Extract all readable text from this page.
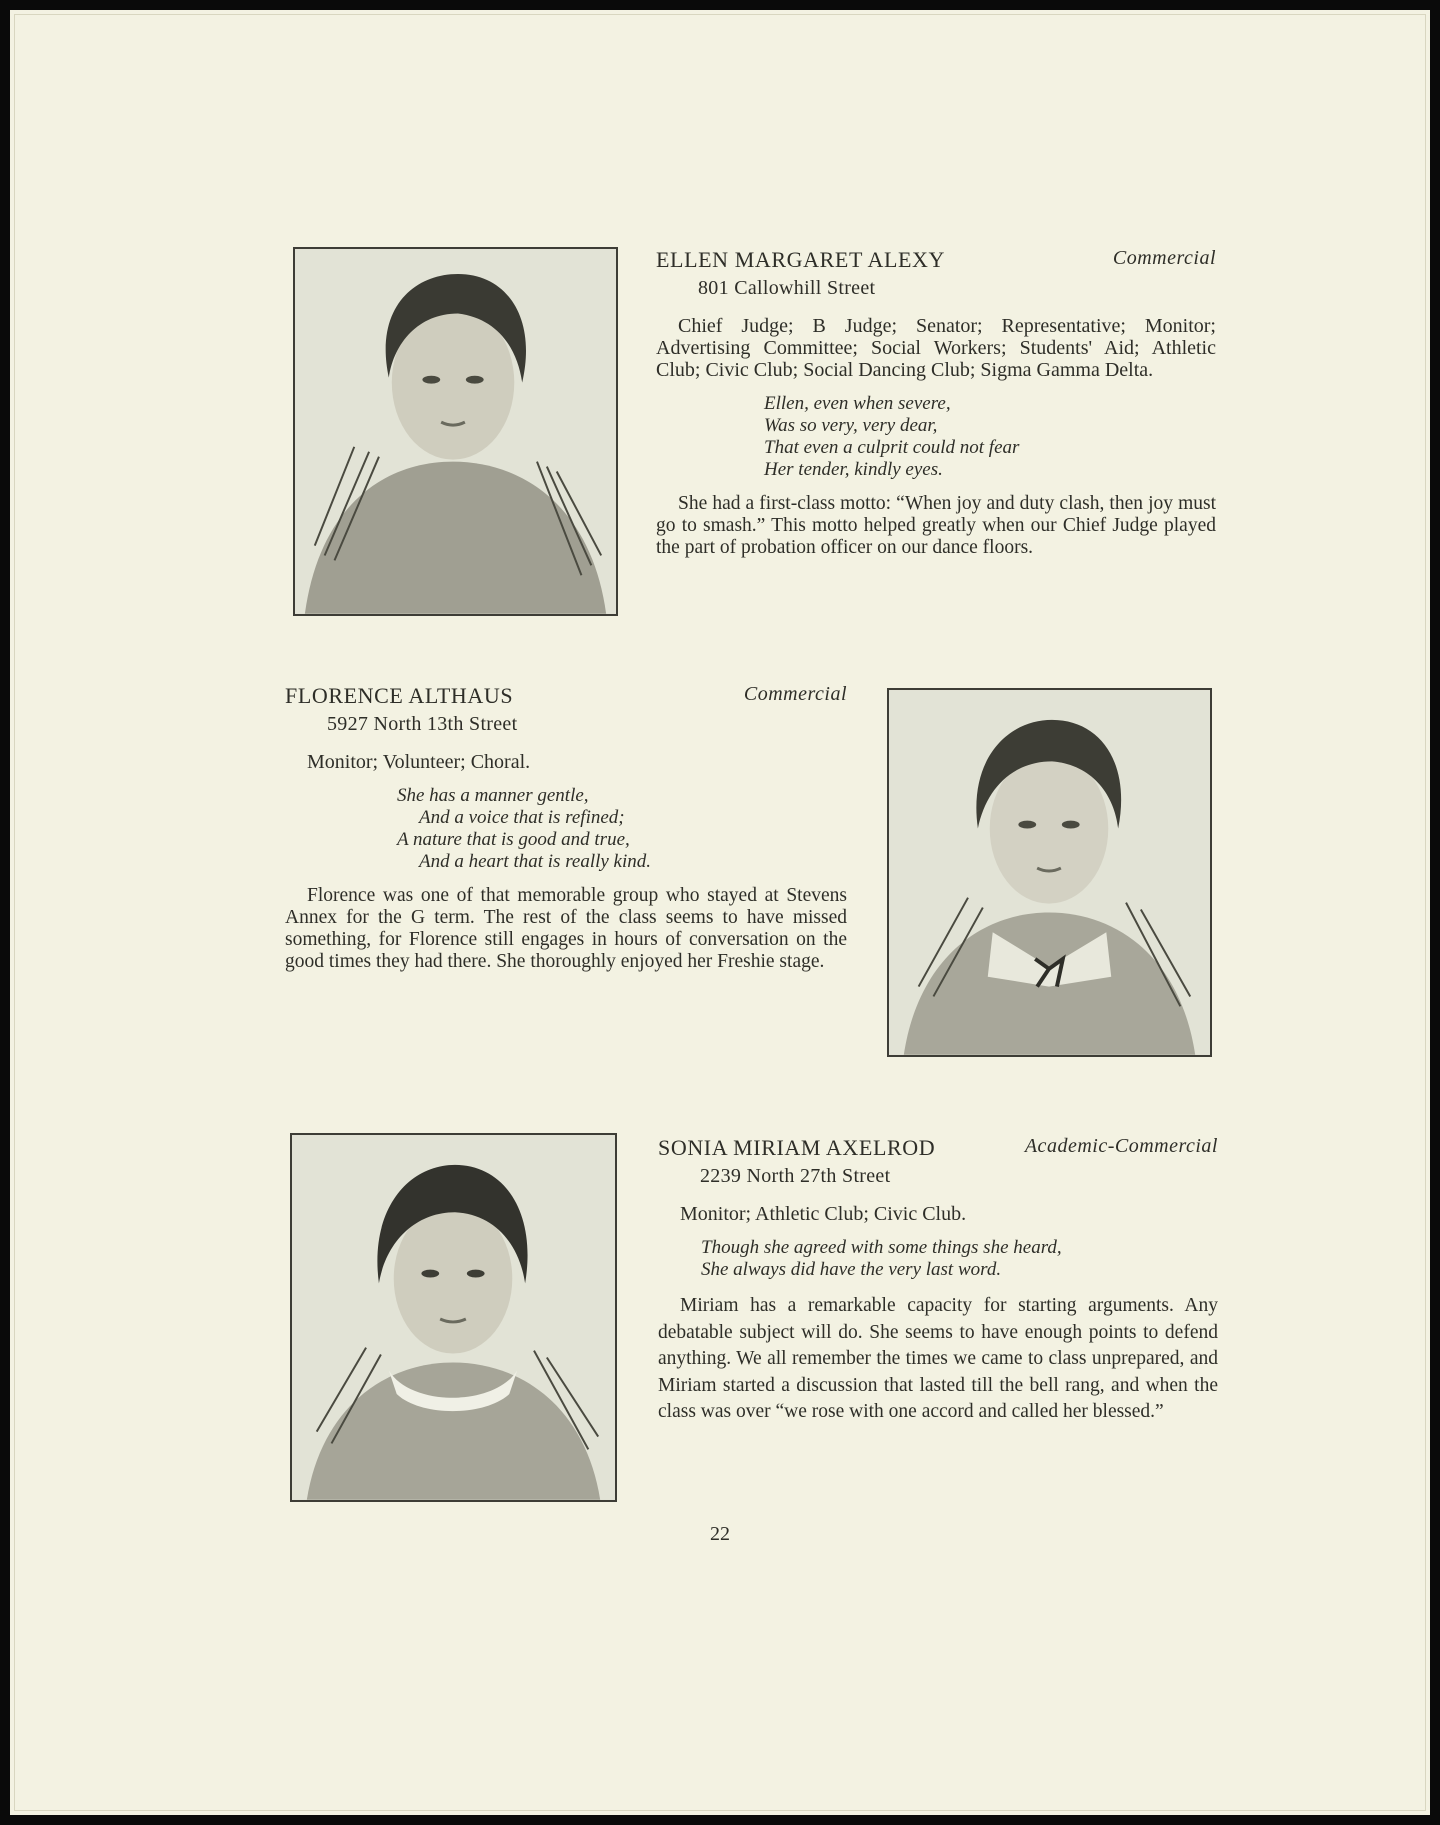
ELLEN MARGARET ALEXY	Commercial
801 Callowhill Street
Chief Judge; B Judge; Senator; Representative; Monitor; Advertising Committee; Social Workers; Students' Aid; Athletic Club; Civic Club; Social Dancing Club; Sigma Gamma Delta.
Ellen, even when severe,
Was so very, very dear,
That even a culprit could not fear
Her tender, kindly eyes.
She had a first-class motto: “When joy and duty clash, then joy must go to smash.” This motto helped greatly when our Chief Judge played the part of probation officer on our dance floors.
FLORENCE ALTHAUS	Commercial
5927 North 13th Street
Monitor; Volunteer; Choral.
She has a manner gentle,
And a voice that is refined;
A nature that is good and true,
And a heart that is really kind.
Florence was one of that memorable group who stayed at Stevens Annex for the G term. The rest of the class seems to have missed something, for Florence still engages in hours of conversation on the good times they had there. She thoroughly enjoyed her Freshie stage.
SONIA MIRIAM AXELROD	Academic-Commercial
2239 North 27th Street
Monitor; Athletic Club; Civic Club.
Though she agreed with some things she heard,
She always did have the very last word.
Miriam has a remarkable capacity for starting arguments. Any debatable subject will do. She seems to have enough points to defend anything. We all remember the times we came to class unprepared, and Miriam started a discussion that lasted till the bell rang, and when the class was over “we rose with one accord and called her blessed.”
22
